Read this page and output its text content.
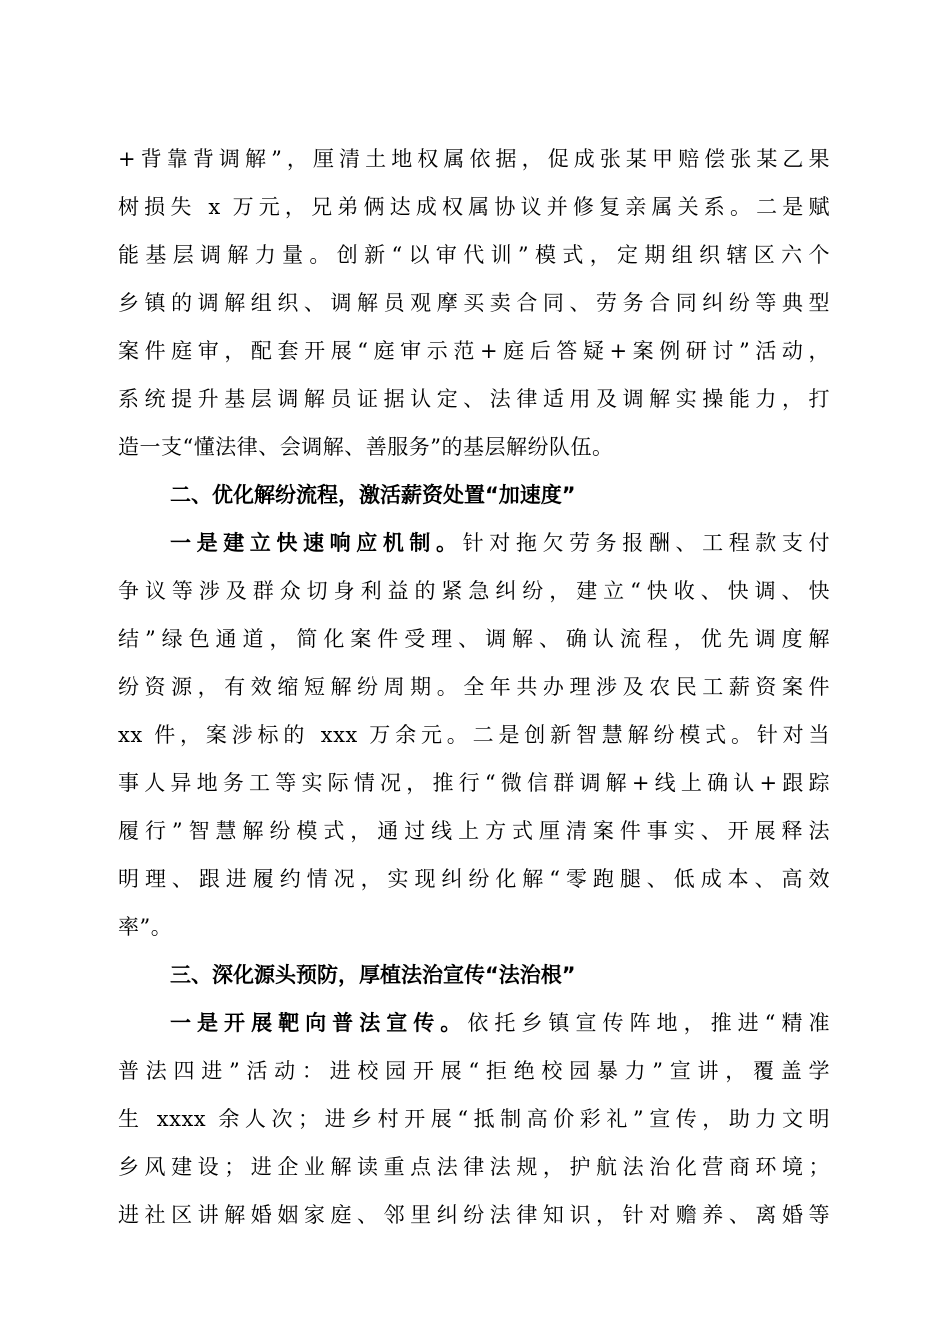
+背靠背调解”，厘清土地权属依据，促成张某甲赔偿张某乙果
树损失 x 万元，兄弟俩达成权属协议并修复亲属关系。二是赋
能基层调解力量。创新“以审代训”模式，定期组织辖区六个
乡镇的调解组织、调解员观摩买卖合同、劳务合同纠纷等典型
案件庭审，配套开展“庭审示范+庭后答疑+案例研讨”活动，
系统提升基层调解员证据认定、法律适用及调解实操能力，打
造一支“懂法律、会调解、善服务”的基层解纷队伍。
二、优化解纷流程，激活薪资处置“加速度”
一是建立快速响应机制。针对拖欠劳务报酬、工程款支付
争议等涉及群众切身利益的紧急纠纷，建立“快收、快调、快
结”绿色通道，简化案件受理、调解、确认流程，优先调度解
纷资源，有效缩短解纷周期。全年共办理涉及农民工薪资案件
xx 件，案涉标的 xxx 万余元。二是创新智慧解纷模式。针对当
事人异地务工等实际情况，推行“微信群调解+线上确认+跟踪
履行”智慧解纷模式，通过线上方式厘清案件事实、开展释法
明理、跟进履约情况，实现纠纷化解“零跑腿、低成本、高效
率”。
三、深化源头预防，厚植法治宣传“法治根”
一是开展靶向普法宣传。依托乡镇宣传阵地，推进“精准
普法四进”活动：进校园开展“拒绝校园暴力”宣讲，覆盖学
生 xxxx 余人次；进乡村开展“抵制高价彩礼”宣传，助力文明
乡风建设；进企业解读重点法律法规，护航法治化营商环境；
进社区讲解婚姻家庭、邻里纠纷法律知识，针对赡养、离婚等
